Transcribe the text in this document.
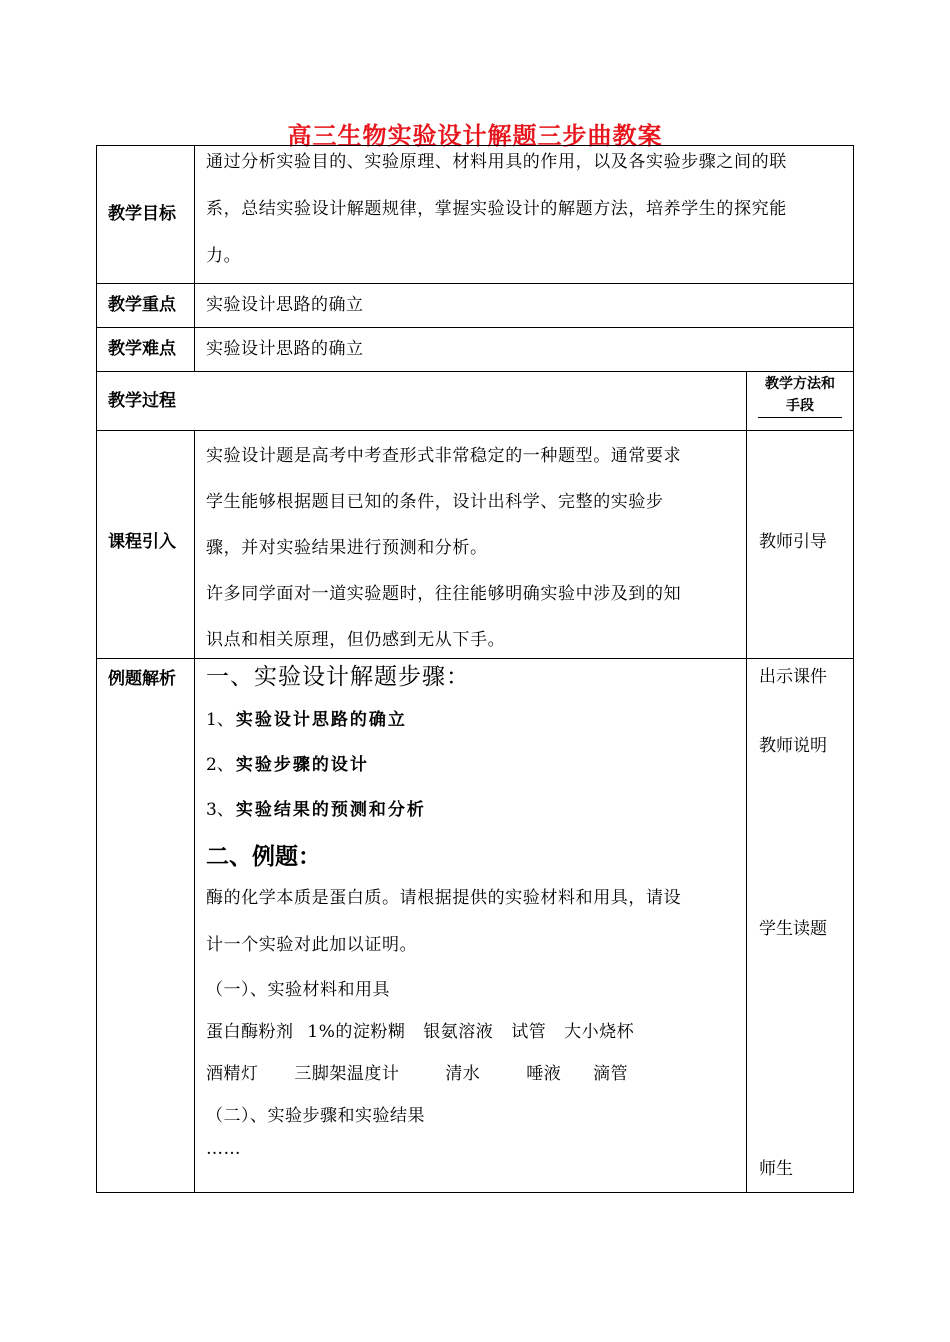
高三生物实验设计解题三步曲教案
教学目标
通过分析实验目的、实验原理、材料用具的作用，以及各实验步骤之间的联
系，总结实验设计解题规律，掌握实验设计的解题方法，培养学生的探究能
力。
教学重点 实验设计思路的确立
教学难点 实验设计思路的确立
教学过程
教学方法和
手段
课程引入
实验设计题是高考中考查形式非常稳定的一种题型。通常要求
学生能够根据题目已知的条件，设计出科学、完整的实验步
骤，并对实验结果进行预测和分析。
许多同学面对一道实验题时，往往能够明确实验中涉及到的知
识点和相关原理，但仍感到无从下手。
教师引导
例题解析 一、实验设计解题步骤：
1、 实验设计思路的确立
2、 实验步骤的设计
3、 实验结果的预测和分析
二、例题：
酶的化学本质是蛋白质。请根据提供的实验材料和用具，请设
计一个实验对此加以证明。
（一）、实验材料和用具
蛋白酶粉剂 1%的淀粉糊 银氨溶液 试管 大小烧杯
酒精灯 三脚架温度计	清水	唾液 滴管
（二）、实验步骤和实验结果
……
出示课件
教师说明
学生读题
师生
